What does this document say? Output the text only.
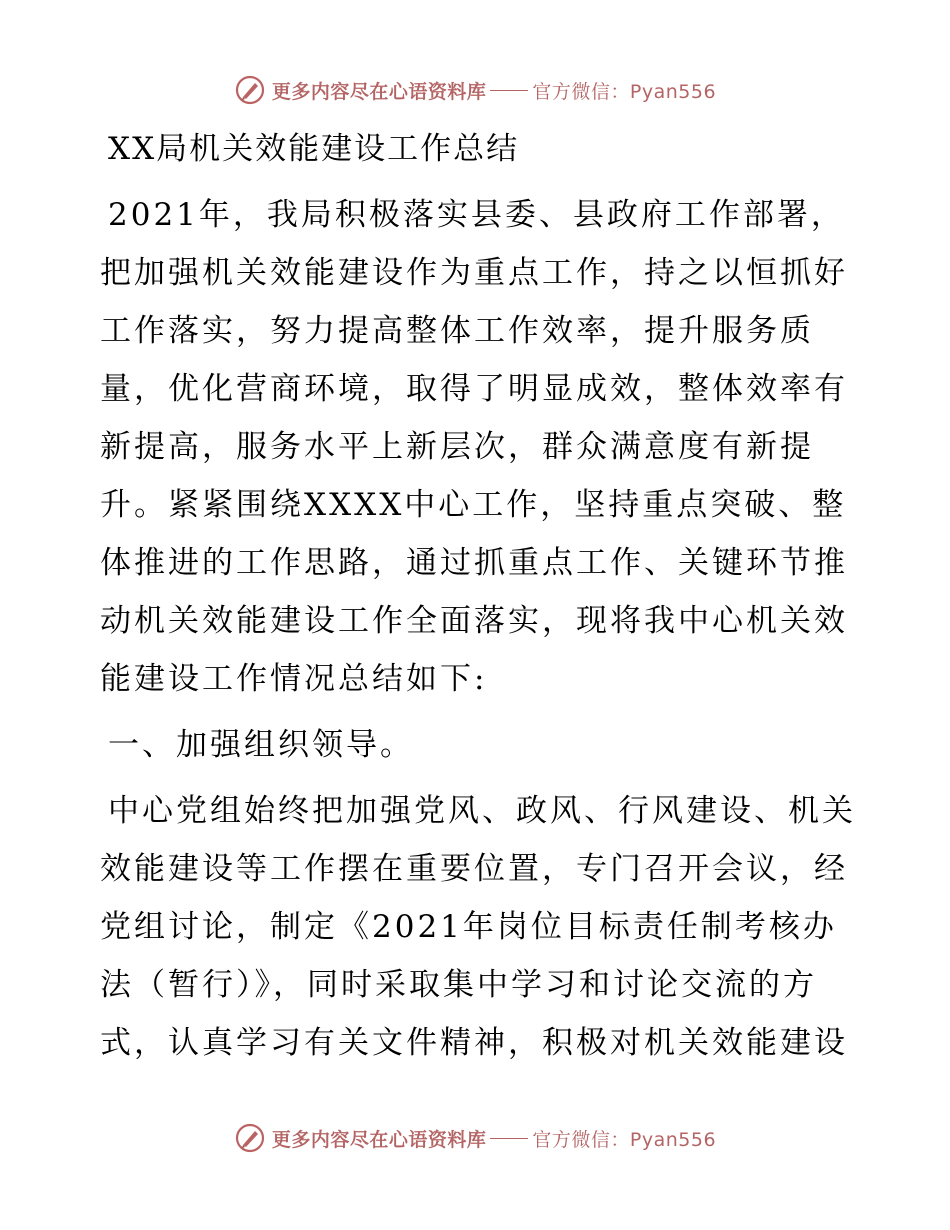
更多内容尽在心语资料库 官方微信：Pyan556
XX局机关效能建设工作总结
2021年，我局积极落实县委、县政府工作部署，把加强机关效能建设作为重点工作，持之以恒抓好工作落实，努力提高整体工作效率，提升服务质量，优化营商环境，取得了明显成效，整体效率有新提高，服务水平上新层次，群众满意度有新提升。紧紧围绕XXXX中心工作，坚持重点突破、整体推进的工作思路，通过抓重点工作、关键环节推动机关效能建设工作全面落实，现将我中心机关效能建设工作情况总结如下:
一、加强组织领导。
中心党组始终把加强党风、政风、行风建设、机关效能建设等工作摆在重要位置，专门召开会议，经党组讨论，制定《2021年岗位目标责任制考核办法（暂行）》，同时采取集中学习和讨论交流的方式，认真学习有关文件精神，积极对机关效能建设
更多内容尽在心语资料库 官方微信：Pyan556
